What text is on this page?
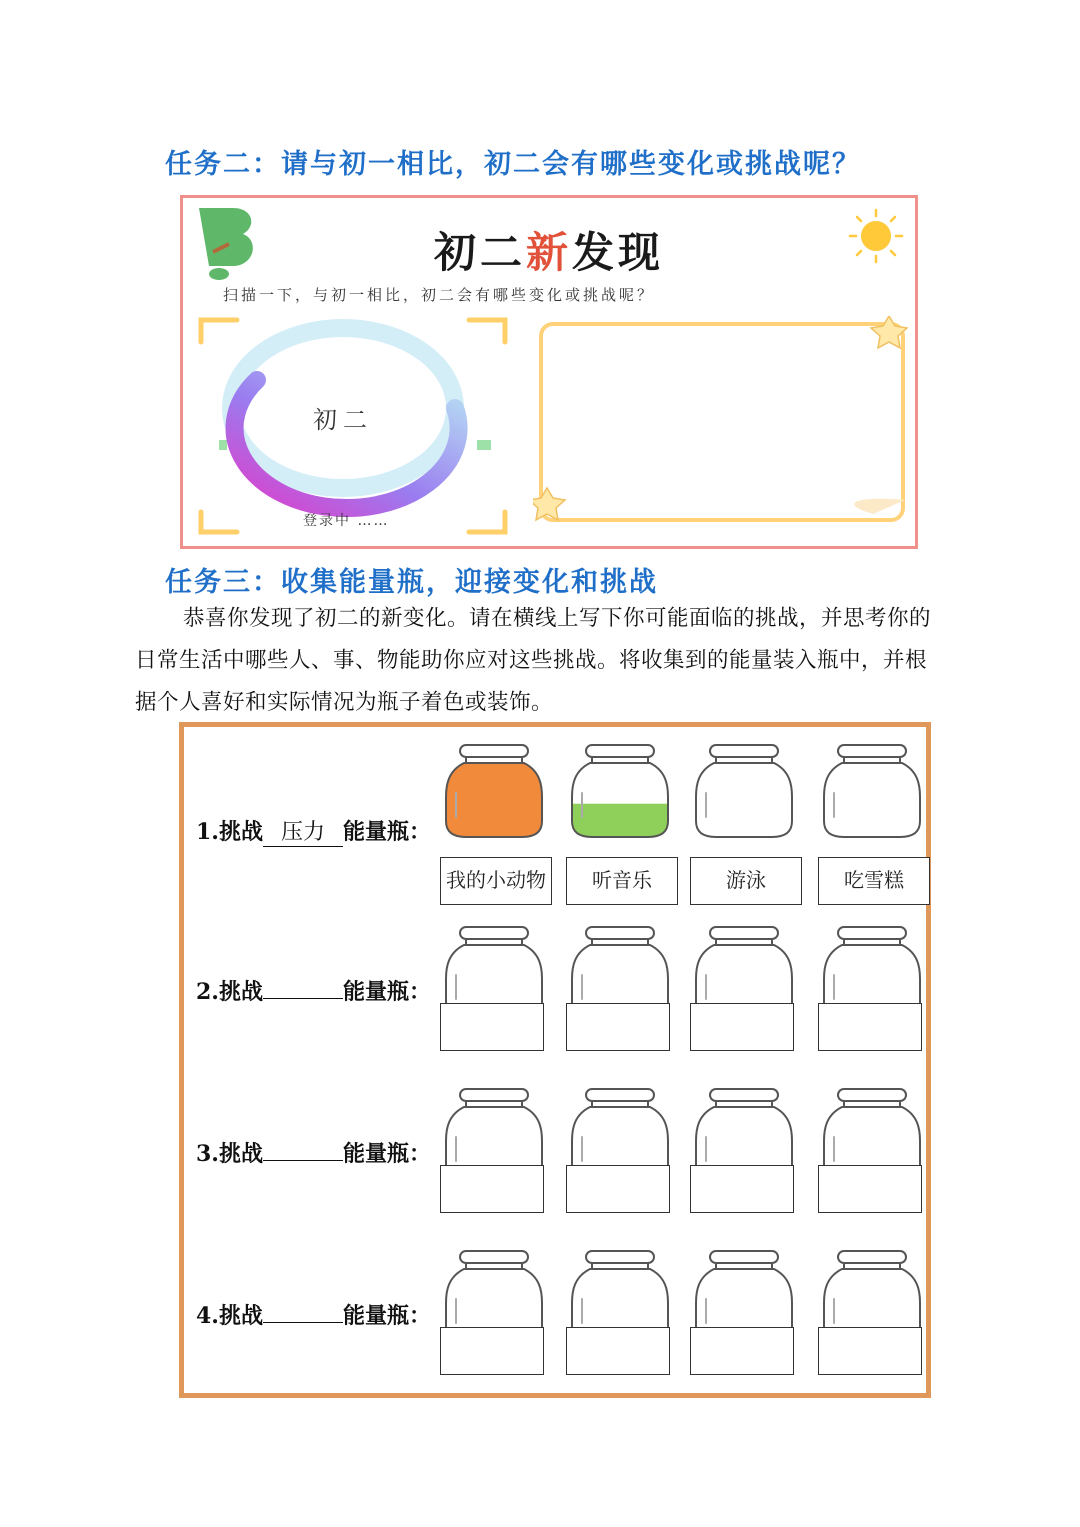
任务二：请与初一相比，初二会有哪些变化或挑战呢？
初二新发现

扫描一下，与初一相比，初二会有哪些变化或挑战呢？

初二
登录中 ……
任务三：收集能量瓶，迎接变化和挑战

恭喜你发现了初二的新变化。请在横线上写下你可能面临的挑战，并思考你的日常生活中哪些人、事、物能助你应对这些挑战。将收集到的能量装入瓶中，并根据个人喜好和实际情况为瓶子着色或装饰。

1.挑战 压力 能量瓶：
我的小动物	听音乐	游泳	吃雪糕
2.挑战	能量瓶：
3.挑战	能量瓶：
4.挑战	能量瓶：
